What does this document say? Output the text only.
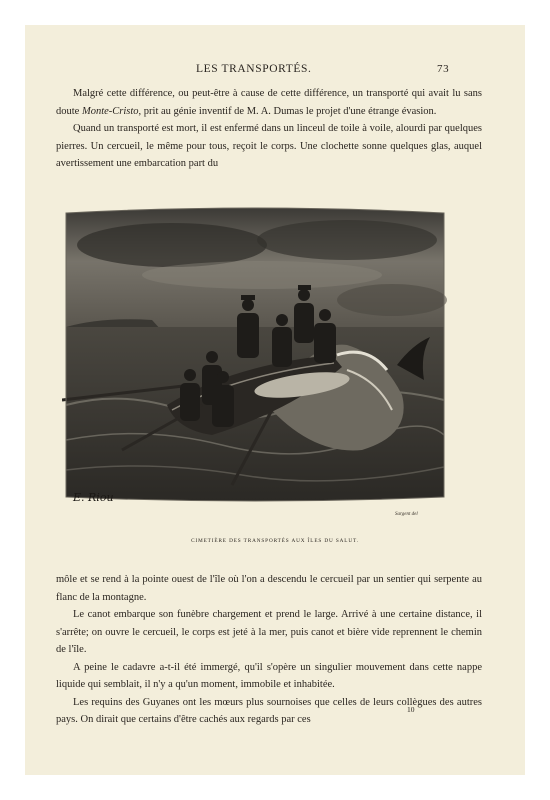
LES TRANSPORTÉS.	73

Malgré cette différence, ou peut-être à cause de cette différence, un transporté qui avait lu sans doute Monte-Cristo, prit au génie inventif de M. A. Dumas le projet d'une étrange évasion.

Quand un transporté est mort, il est enfermé dans un linceul de toile à voile, alourdi par quelques pierres. Un cercueil, le même pour tous, reçoit le corps. Une clochette sonne quelques glas, auquel avertissement une embarcation part du

E. Riou
Sargent del
CIMETIÈRE DES TRANSPORTÉS AUX ÎLES DU SALUT.

môle et se rend à la pointe ouest de l'île où l'on a descendu le cercueil par un sentier qui serpente au flanc de la montagne.

Le canot embarque son funèbre chargement et prend le large. Arrivé à une certaine distance, il s'arrête; on ouvre le cercueil, le corps est jeté à la mer, puis canot et bière vide reprennent le chemin de l'île.

A peine le cadavre a-t-il été immergé, qu'il s'opère un singulier mouvement dans cette nappe liquide qui semblait, il n'y a qu'un moment, immobile et inhabitée.

Les requins des Guyanes ont les mœurs plus sournoises que celles de leurs collègues des autres pays. On dirait que certains d'être cachés aux regards par ces

10
